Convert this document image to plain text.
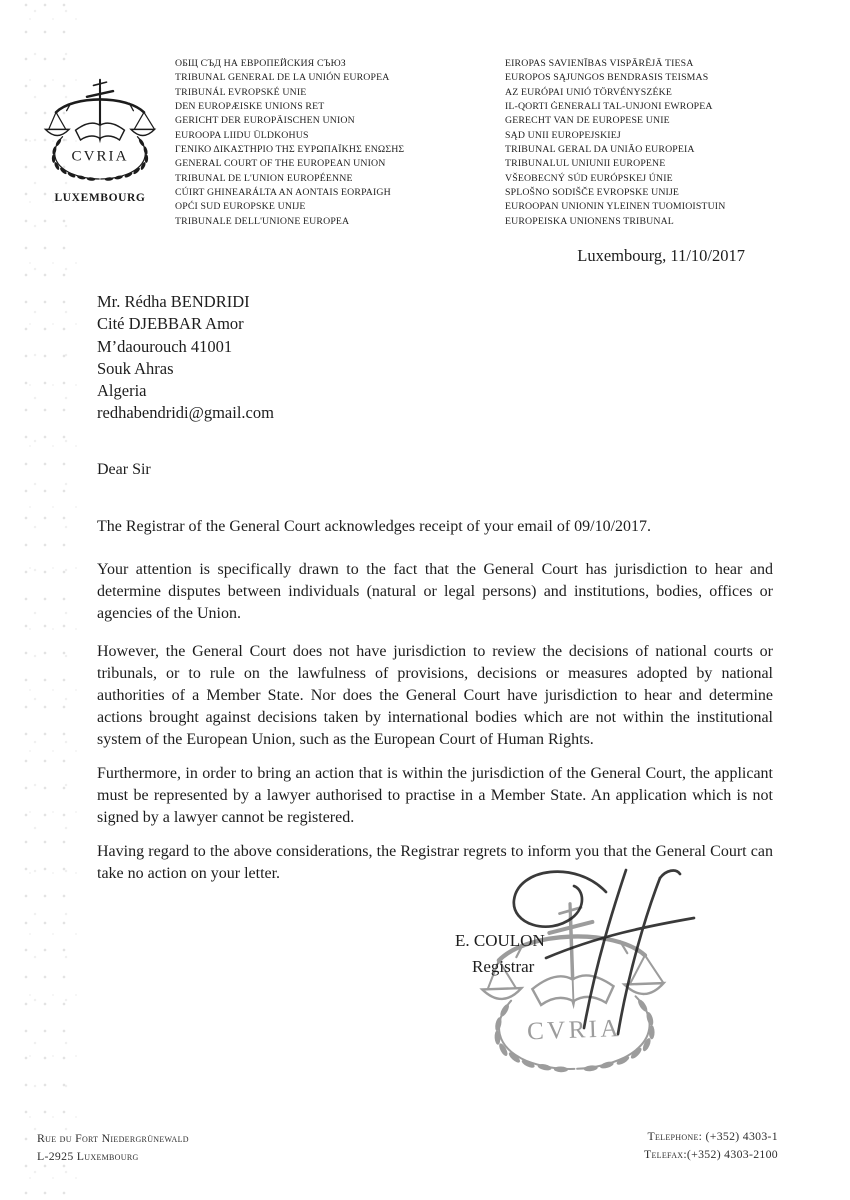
CVRIA
LUXEMBOURG
ОБЩ СЪД НА ЕВРОПЕЙСКИЯ СЪЮЗ
TRIBUNAL GENERAL DE LA UNIÓN EUROPEA
TRIBUNÁL EVROPSKÉ UNIE
DEN EUROPÆISKE UNIONS RET
GERICHT DER EUROPÄISCHEN UNION
EUROOPA LIIDU ÜLDKOHUS
ΓΕΝΙΚΟ ΔΙΚΑΣΤΗΡΙΟ ΤΗΣ ΕΥΡΩΠΑΪΚΗΣ ΕΝΩΣΗΣ
GENERAL COURT OF THE EUROPEAN UNION
TRIBUNAL DE L'UNION EUROPÉENNE
CÚIRT GHINEARÁLTA AN AONTAIS EORPAIGH
OPĆI SUD EUROPSKE UNIJE
TRIBUNALE DELL'UNIONE EUROPEA
EIROPAS SAVIENĪBAS VISPĀRĒJĀ TIESA
EUROPOS SĄJUNGOS BENDRASIS TEISMAS
AZ EURÓPAI UNIÓ TÖRVÉNYSZÉKE
IL-QORTI ĠENERALI TAL-UNJONI EWROPEA
GERECHT VAN DE EUROPESE UNIE
SĄD UNII EUROPEJSKIEJ
TRIBUNAL GERAL DA UNIÃO EUROPEIA
TRIBUNALUL UNIUNII EUROPENE
VŠEOBECNÝ SÚD EURÓPSKEJ ÚNIE
SPLOŠNO SODIŠČE EVROPSKE UNIJE
EUROOPAN UNIONIN YLEINEN TUOMIOISTUIN
EUROPEISKA UNIONENS TRIBUNAL
Luxembourg, 11/10/2017
Mr. Rédha BENDRIDI
Cité DJEBBAR Amor
M’daourouch 41001
Souk Ahras
Algeria
redhabendridi@gmail.com
Dear Sir

The Registrar of the General Court acknowledges receipt of your email of 09/10/2017.

Your attention is specifically drawn to the fact that the General Court has jurisdiction to hear and determine disputes between individuals (natural or legal persons) and institutions, bodies, offices or agencies of the Union.

However, the General Court does not have jurisdiction to review the decisions of national courts or tribunals, or to rule on the lawfulness of provisions, decisions or measures adopted by national authorities of a Member State. Nor does the General Court have jurisdiction to hear and determine actions brought against decisions taken by international bodies which are not within the institutional system of the European Union, such as the European Court of Human Rights.

Furthermore, in order to bring an action that is within the jurisdiction of the General Court, the applicant must be represented by a lawyer authorised to practise in a Member State. An application which is not signed by a lawyer cannot be registered.

Having regard to the above considerations, the Registrar regrets to inform you that the General Court can take no action on your letter.

CVRIA
E. COULON
Registrar
Rue du Fort Niedergrünewald
L-2925 Luxembourg
Telephone: (+352) 4303-1
Telefax:(+352) 4303-2100
